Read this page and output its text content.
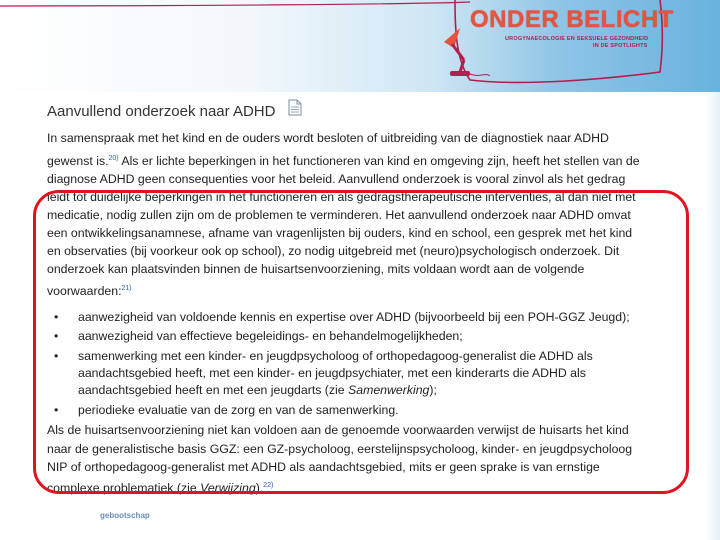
ONDER BELICHT
UROGYNAECOLOGIE EN SEKSUELE GEZONDHEID
IN DE SPOTLIGHTS
Aanvullend onderzoek naar ADHD
In samenspraak met het kind en de ouders wordt besloten of uitbreiding van de diagnostiek naar ADHD
gewenst is.$^{20)}$ Als er lichte beperkingen in het functioneren van kind en omgeving zijn, heeft het stellen van de
diagnose ADHD geen consequenties voor het beleid. Aanvullend onderzoek is vooral zinvol als het gedrag
leidt tot duidelijke beperkingen in het functioneren en als gedragstherapeutische interventies, al dan niet met
medicatie, nodig zullen zijn om de problemen te verminderen. Het aanvullend onderzoek naar ADHD omvat
een ontwikkelingsanamnese, afname van vragenlijsten bij ouders, kind en school, een gesprek met het kind
en observaties (bij voorkeur ook op school), zo nodig uitgebreid met (neuro)psychologisch onderzoek. Dit
onderzoek kan plaatsvinden binnen de huisartsenvoorziening, mits voldaan wordt aan de volgende
voorwaarden:$^{21)}$
• aanwezigheid van voldoende kennis en expertise over ADHD (bijvoorbeeld bij een POH-GGZ Jeugd);
• aanwezigheid van effectieve begeleidings- en behandelmogelijkheden;
• samenwerking met een kinder- en jeugdpsycholoog of orthopedagoog-generalist die ADHD als
aandachtsgebied heeft, met een kinder- en jeugdpsychiater, met een kinderarts die ADHD als
aandachtsgebied heeft en met een jeugdarts (zie Samenwerking);
• periodieke evaluatie van de zorg en van de samenwerking.
Als de huisartsenvoorziening niet kan voldoen aan de genoemde voorwaarden verwijst de huisarts het kind
naar de generalistische basis GGZ: een GZ-psycholoog, eerstelijnspsycholoog, kinder- en jeugdpsycholoog
NIP of orthopedagoog-generalist met ADHD als aandachtsgebied, mits er geen sprake is van ernstige
complexe problematiek (zie Verwijzing).$^{22)}$
gebootschap
